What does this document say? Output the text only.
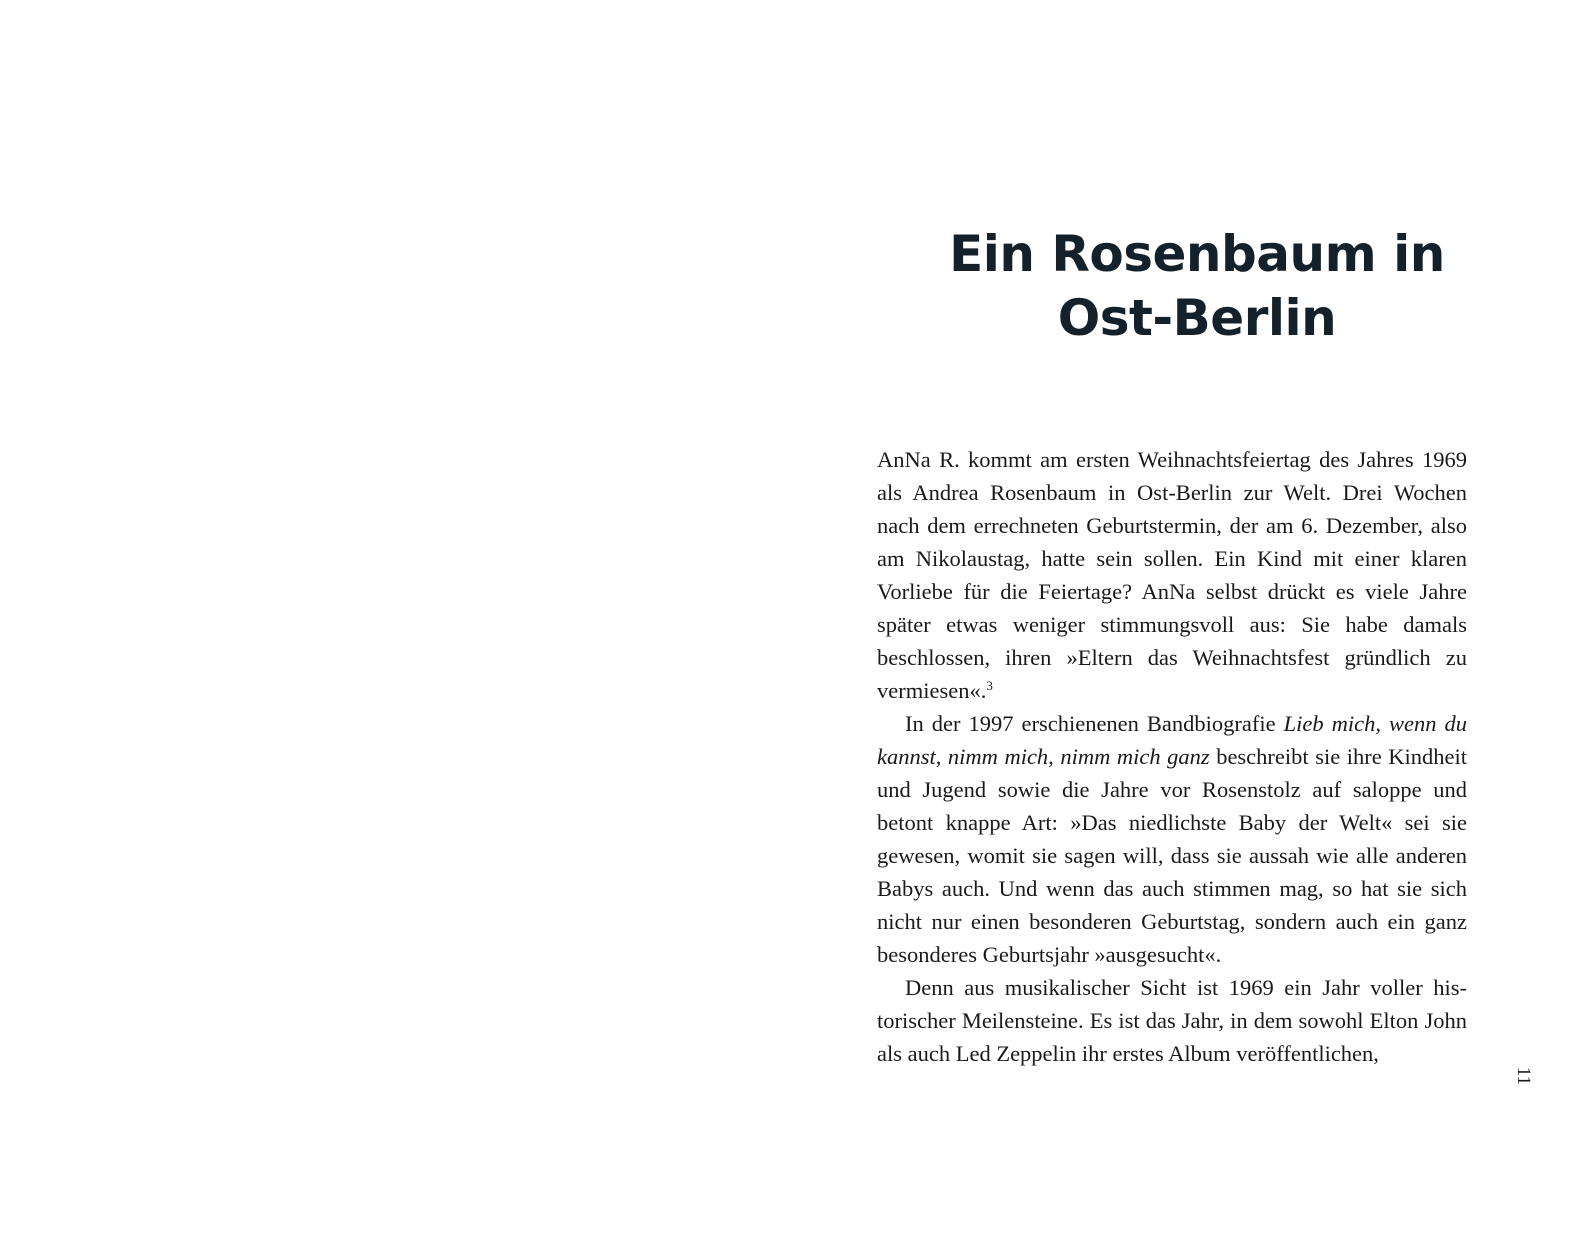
Ein Rosenbaum in
Ost-Berlin

AnNa R. kommt am ersten Weihnachtsfeiertag des Jahres 1969 als Andrea Rosenbaum in Ost-Berlin zur Welt. Drei Wochen nach dem errechneten Geburtstermin, der am 6. Dezember, also am Nikolaustag, hatte sein sollen. Ein Kind mit einer klaren Vorliebe für die Feiertage? AnNa selbst drückt es viele Jahre später etwas weniger stimmungsvoll aus: Sie habe damals beschlossen, ihren »Eltern das Weihnachtsfest gründlich zu vermiesen«.$^3$

In der 1997 erschienenen Bandbiografie Lieb mich, wenn du kannst, nimm mich, nimm mich ganz beschreibt sie ihre Kindheit und Jugend sowie die Jahre vor Rosenstolz auf saloppe und betont knappe Art: »Das niedlichste Baby der Welt« sei sie gewesen, womit sie sagen will, dass sie aussah wie alle anderen Babys auch. Und wenn das auch stimmen mag, so hat sie sich nicht nur einen besonderen Geburtstag, sondern auch ein ganz besonderes Geburtsjahr »ausgesucht«.

Denn aus musikalischer Sicht ist 1969 ein Jahr voller historischer Meilensteine. Es ist das Jahr, in dem sowohl Elton John als auch Led Zeppelin ihr erstes Album veröffentlichen,

11
